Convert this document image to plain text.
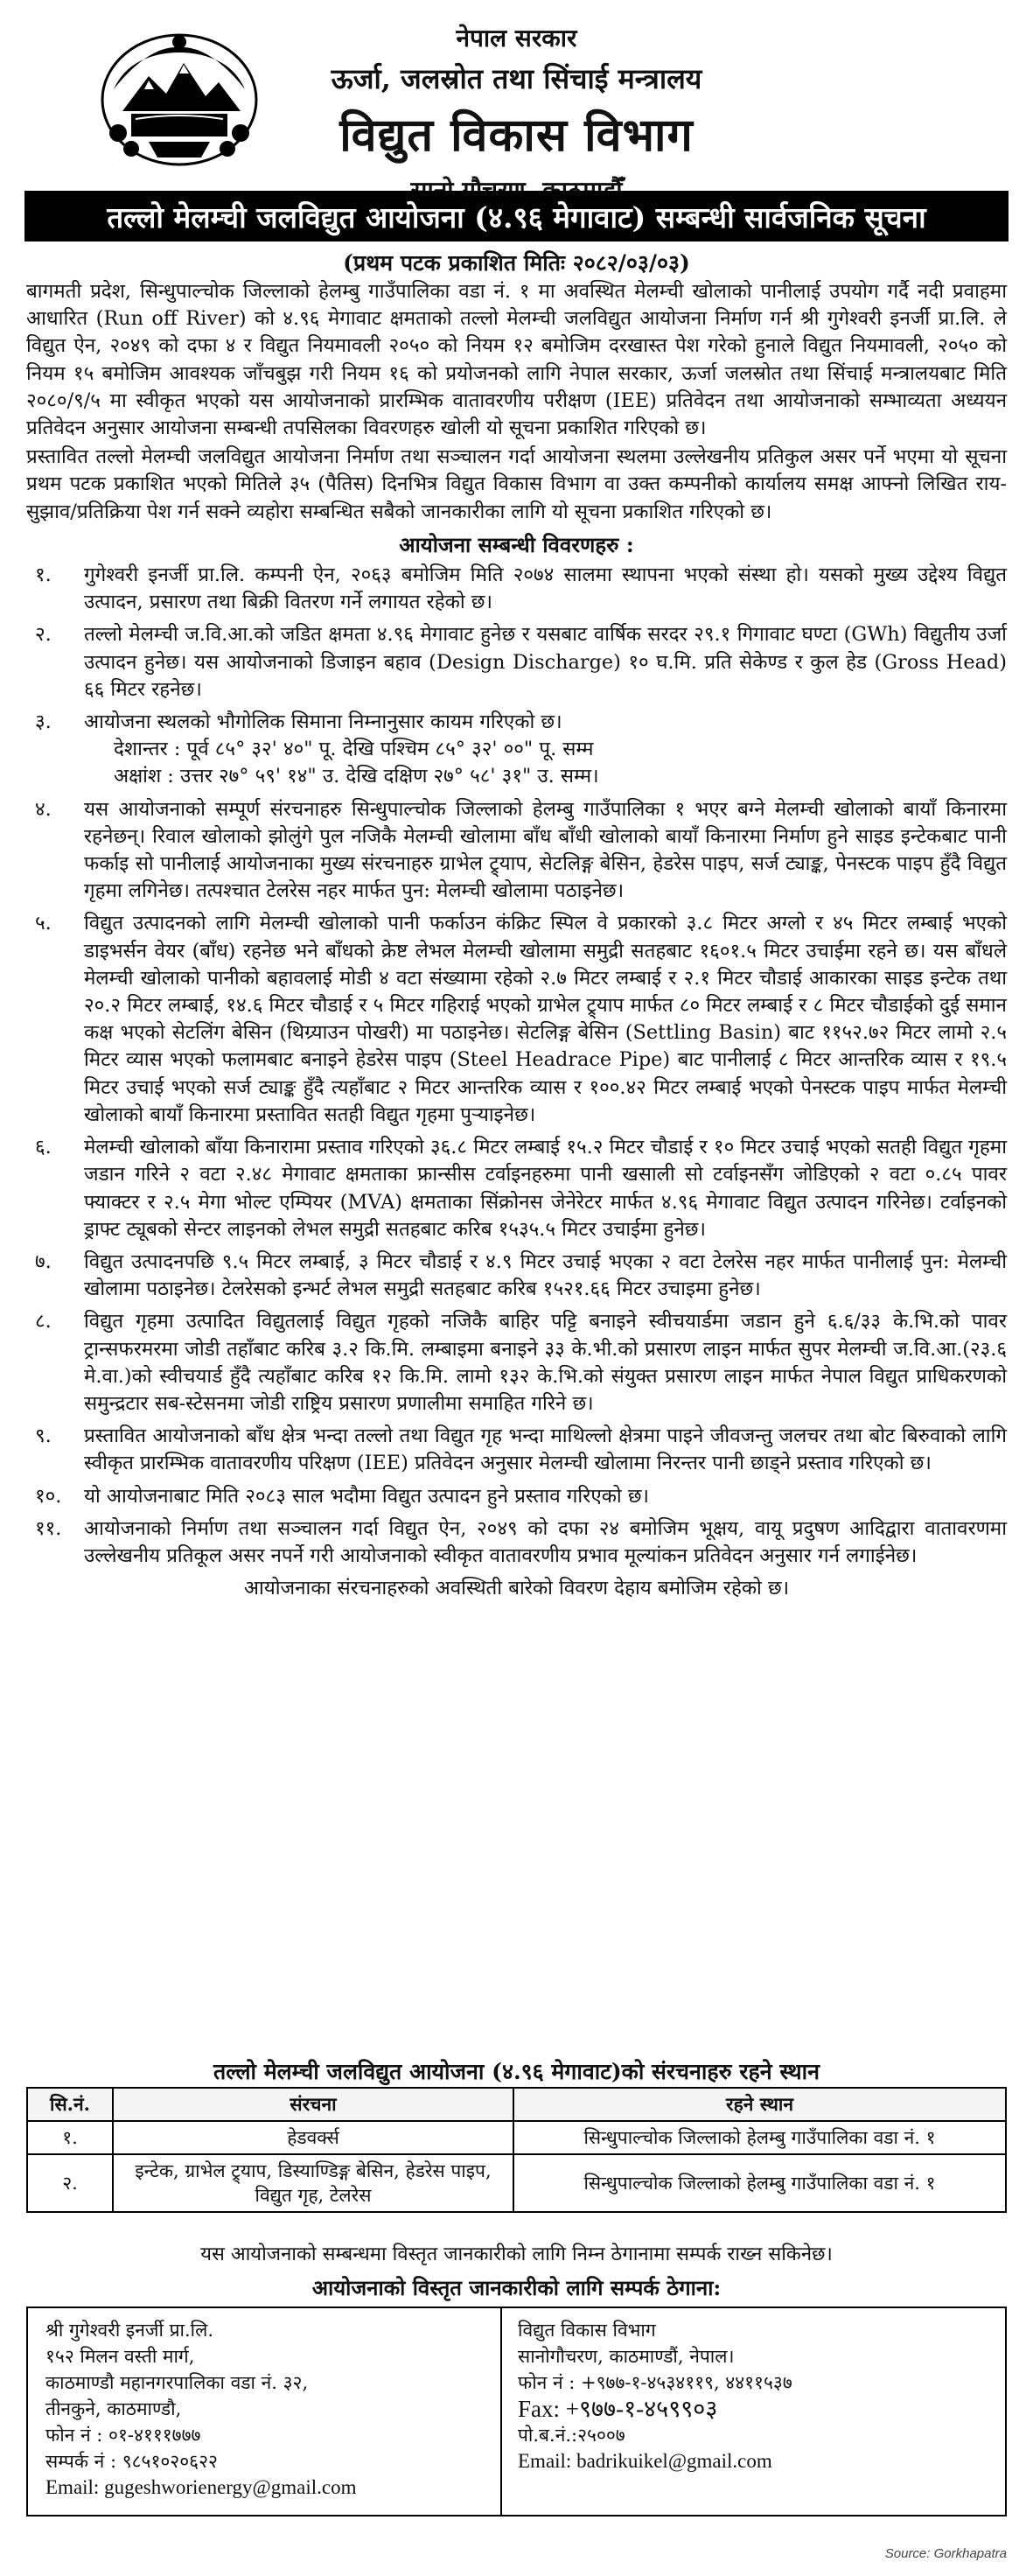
नेपाल सरकार
ऊर्जा, जलस्रोत तथा सिंचाई मन्त्रालय
विद्युत विकास विभाग
तल्लो मेलम्ची जलविद्युत आयोजना (४.९६ मेगावाट) सम्बन्धी सार्वजनिक सूचना
(प्रथम पटक प्रकाशित मितिः २०८२/०३/०३)

बागमती प्रदेश, सिन्धुपाल्चोक जिल्लाको हेलम्बु गाउँपालिका वडा नं. १ मा अवस्थित मेलम्ची खोलाको पानीलाई उपयोग गर्दै नदी प्रवाहमा आधारित (Run off River) को ४.९६ मेगावाट क्षमताको तल्लो मेलम्ची जलविद्युत आयोजना निर्माण गर्न श्री गुगेश्वरी इनर्जी प्रा.लि. ले विद्युत ऐन, २०४९ को दफा ४ र विद्युत नियमावली २०५० को नियम १२ बमोजिम दरखास्त पेश गरेको हुनाले विद्युत नियमावली, २०५० को नियम १५ बमोजिम आवश्यक जाँचबुझ गरी नियम १६ को प्रयोजनको लागि नेपाल सरकार, ऊर्जा जलस्रोत तथा सिंचाई मन्त्रालयबाट मिति २०८०/९/५ मा स्वीकृत भएको यस आयोजनाको प्रारम्भिक वातावरणीय परीक्षण (IEE) प्रतिवेदन तथा आयोजनाको सम्भाव्यता अध्ययन प्रतिवेदन अनुसार आयोजना सम्बन्धी तपसिलका विवरणहरु खोली यो सूचना प्रकाशित गरिएको छ।

प्रस्तावित तल्लो मेलम्ची जलविद्युत आयोजना निर्माण तथा सञ्चालन गर्दा आयोजना स्थलमा उल्लेखनीय प्रतिकुल असर पर्ने भएमा यो सूचना प्रथम पटक प्रकाशित भएको मितिले ३५ (पैतिस) दिनभित्र विद्युत विकास विभाग वा उक्त कम्पनीको कार्यालय समक्ष आफ्नो लिखित राय-सुझाव/प्रतिक्रिया पेश गर्न सक्ने व्यहोरा सम्बन्धित सबैको जानकारीका लागि यो सूचना प्रकाशित गरिएको छ।

आयोजना सम्बन्धी विवरणहरु :
१.	गुगेश्वरी इनर्जी प्रा.लि. कम्पनी ऐन, २०६३ बमोजिम मिति २०७४ सालमा स्थापना भएको संस्था हो। यसको मुख्य उद्देश्य विद्युत उत्पादन, प्रसारण तथा बिक्री वितरण गर्ने लगायत रहेको छ।
२.	तल्लो मेलम्ची ज.वि.आ.को जडित क्षमता ४.९६ मेगावाट हुनेछ र यसबाट वार्षिक सरदर २९.१ गिगावाट घण्टा (GWh) विद्युतीय उर्जा उत्पादन हुनेछ। यस आयोजनाको डिजाइन बहाव (Design Discharge) १० घ.मि. प्रति सेकेण्ड र कुल हेड (Gross Head) ६६ मिटर रहनेछ।
३.	आयोजना स्थलको भौगोलिक सिमाना निम्नानुसार कायम गरिएको छ।
देशान्तर : पूर्व ८५° ३२' ४०" पू. देखि पश्चिम ८५° ३२' ००" पू. सम्म
अक्षांश : उत्तर २७° ५९' १४" उ. देखि दक्षिण २७° ५८' ३१" उ. सम्म।
४.	यस आयोजनाको सम्पूर्ण संरचनाहरु सिन्धुपाल्चोक जिल्लाको हेलम्बु गाउँपालिका १ भएर बग्ने मेलम्ची खोलाको बायाँ किनारमा रहनेछन्। रिवाल खोलाको झोलुंगे पुल नजिकै मेलम्ची खोलामा बाँध बाँधी खोलाको बायाँ किनारमा निर्माण हुने साइड इन्टेकबाट पानी फर्काइ सो पानीलाई आयोजनाका मुख्य संरचनाहरु ग्राभेल ट्र्याप, सेटलिङ्ग बेसिन, हेडरेस पाइप, सर्ज ट्याङ्क, पेनस्टक पाइप हुँदै विद्युत गृहमा लगिनेछ। तत्पश्चात टेलरेस नहर मार्फत पुन: मेलम्ची खोलामा पठाइनेछ।
५.	विद्युत उत्पादनको लागि मेलम्ची खोलाको पानी फर्काउन कंक्रिट स्पिल वे प्रकारको ३.८ मिटर अग्लो र ४५ मिटर लम्बाई भएको डाइभर्सन वेयर (बाँध) रहनेछ भने बाँधको क्रेष्ट लेभल मेलम्ची खोलामा समुद्री सतहबाट १६०१.५ मिटर उचाईमा रहने छ। यस बाँधले मेलम्ची खोलाको पानीको बहावलाई मोडी ४ वटा संख्यामा रहेको २.७ मिटर लम्बाई र २.१ मिटर चौडाई आकारका साइड इन्टेक तथा २०.२ मिटर लम्बाई, १४.६ मिटर चौडाई र ५ मिटर गहिराई भएको ग्राभेल ट्र्याप मार्फत ८० मिटर लम्बाई र ८ मिटर चौडाईको दुई समान कक्ष भएको सेटलिंग बेसिन (थिग्र्‍याउन पोखरी) मा पठाइनेछ। सेटलिङ्ग बेसिन (Settling Basin) बाट ११५२.७२ मिटर लामो २.५ मिटर व्यास भएको फलामबाट बनाइने हेडरेस पाइप (Steel Headrace Pipe) बाट पानीलाई ८ मिटर आन्तरिक व्यास र १९.५ मिटर उचाई भएको सर्ज ट्याङ्क हुँदै त्यहाँबाट २ मिटर आन्तरिक व्यास र १००.४२ मिटर लम्बाई भएको पेनस्टक पाइप मार्फत मेलम्ची खोलाको बायाँ किनारमा प्रस्तावित सतही विद्युत गृहमा पुऱ्याइनेछ।
६.	मेलम्ची खोलाको बाँया किनारामा प्रस्ताव गरिएको ३६.८ मिटर लम्बाई १५.२ मिटर चौडाई र १० मिटर उचाई भएको सतही विद्युत गृहमा जडान गरिने २ वटा २.४८ मेगावाट क्षमताका फ्रान्सीस टर्वाइनहरुमा पानी खसाली सो टर्वाइनसँग जोडिएको २ वटा ०.८५ पावर फ्याक्टर र २.५ मेगा भोल्ट एम्पियर (MVA) क्षमताका सिंक्रोनस जेनेरेटर मार्फत ४.९६ मेगावाट विद्युत उत्पादन गरिनेछ। टर्वाइनको ड्राफ्ट ट्यूबको सेन्टर लाइनको लेभल समुद्री सतहबाट करिब १५३५.५ मिटर उचाईमा हुनेछ।
७.	विद्युत उत्पादनपछि ९.५ मिटर लम्बाई, ३ मिटर चौडाई र ४.९ मिटर उचाई भएका २ वटा टेलरेस नहर मार्फत पानीलाई पुन: मेलम्ची खोलामा पठाइनेछ। टेलरेसको इन्भर्ट लेभल समुद्री सतहबाट करिब १५२१.६६ मिटर उचाइमा हुनेछ।
८.	विद्युत गृहमा उत्पादित विद्युतलाई विद्युत गृहको नजिकै बाहिर पट्टि बनाइने स्वीचयार्डमा जडान हुने ६.६/३३ के.भि.को पावर ट्रान्सफरमरमा जोडी तहाँबाट करिब ३.२ कि.मि. लम्बाइमा बनाइने ३३ के.भी.को प्रसारण लाइन मार्फत सुपर मेलम्ची ज.वि.आ.(२३.६ मे.वा.)को स्वीचयार्ड हुँदै त्यहाँबाट करिब १२ कि.मि. लामो १३२ के.भि.को संयुक्त प्रसारण लाइन मार्फत नेपाल विद्युत प्राधिकरणको समुन्द्रटार सब-स्टेसनमा जोडी राष्ट्रिय प्रसारण प्रणालीमा समाहित गरिने छ।
९.	प्रस्तावित आयोजनाको बाँध क्षेत्र भन्दा तल्लो तथा विद्युत गृह भन्दा माथिल्लो क्षेत्रमा पाइने जीवजन्तु जलचर तथा बोट बिरुवाको लागि स्वीकृत प्रारम्भिक वातावरणीय परिक्षण (IEE) प्रतिवेदन अनुसार मेलम्ची खोलामा निरन्तर पानी छाड्ने प्रस्ताव गरिएको छ।
१०.	यो आयोजनाबाट मिति २०८३ साल भदौमा विद्युत उत्पादन हुने प्रस्ताव गरिएको छ।
११.	आयोजनाको निर्माण तथा सञ्चालन गर्दा विद्युत ऐन, २०४९ को दफा २४ बमोजिम भूक्षय, वायू प्रदुषण आदिद्वारा वातावरणमा उल्लेखनीय प्रतिकूल असर नपर्ने गरी आयोजनाको स्वीकृत वातावरणीय प्रभाव मूल्यांकन प्रतिवेदन अनुसार गर्न लगाईनेछ।
आयोजनाका संरचनाहरुको अवस्थिती बारेको विवरण देहाय बमोजिम रहेको छ।
तल्लो मेलम्ची जलविद्युत आयोजना (४.९६ मेगावाट)को संरचनाहरु रहने स्थान
सि.नं.	संरचना	रहने स्थान
१.	हेडवर्क्स	सिन्धुपाल्चोक जिल्लाको हेलम्बु गाउँपालिका वडा नं. १
२.	इन्टेक, ग्राभेल ट्र्याप, डिस्याण्डिङ्ग बेसिन, हेडरेस पाइप, विद्युत गृह, टेलरेस	सिन्धुपाल्चोक जिल्लाको हेलम्बु गाउँपालिका वडा नं. १
यस आयोजनाको सम्बन्धमा विस्तृत जानकारीको लागि निम्न ठेगानामा सम्पर्क राख्न सकिनेछ।
आयोजनाको विस्तृत जानकारीको लागि सम्पर्क ठेगाना:
श्री गुगेश्वरी इनर्जी प्रा.लि.
१५२ मिलन वस्ती मार्ग,
काठमाण्डौ महानगरपालिका वडा नं. ३२,
तीनकुने, काठमाण्डौ,
फोन नं : ०१-४१११७७७
सम्पर्क नं : ९८५१०२०६२२
Email: gugeshworienergy@gmail.com
विद्युत विकास विभाग
सानोगौचरण, काठमाण्डौं, नेपाल।
फोन नं : +९७७-१-४५३४११९, ४४११५३७
Fax: +९७७-१-४५९९०३
पो.ब.नं.:२५००७
Email: badrikuikel@gmail.com
Source: Gorkhapatra
